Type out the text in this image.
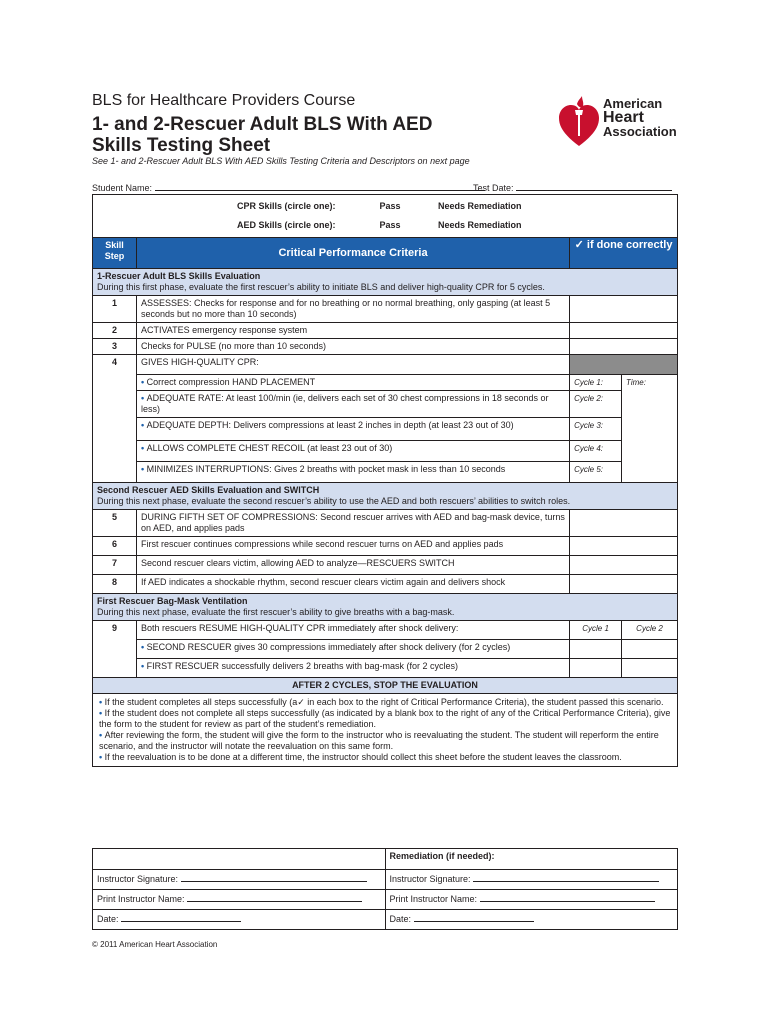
BLS for Healthcare Providers Course
1- and 2-Rescuer Adult BLS With AED
Skills Testing Sheet
See 1- and 2-Rescuer Adult BLS With AED Skills Testing Criteria and Descriptors on next page
American
Heart
Association
Student Name:	Test Date:
CPR Skills (circle one): Pass Needs Remediation			
AED Skills (circle one): Pass Needs Remediation			
Skill Step	Critical Performance Criteria	✓ if done correctly	
1-Rescuer Adult BLS Skills Evaluation
During this first phase, evaluate the first rescuer’s ability to initiate BLS and deliver high-quality CPR for 5 cycles.			
1	ASSESSES: Checks for response and for no breathing or no normal breathing, only gasping (at least 5 seconds but no more than 10 seconds)		
2	ACTIVATES emergency response system		
3	Checks for PULSE (no more than 10 seconds)		
4	GIVES HIGH-QUALITY CPR:		
	• Correct compression HAND PLACEMENT	Cycle 1:	Time:
	• ADEQUATE RATE: At least 100/min (ie, delivers each set of 30 chest compressions in 18 seconds or less)	Cycle 2:	
	• ADEQUATE DEPTH: Delivers compressions at least 2 inches in depth (at least 23 out of 30)	Cycle 3:	
	• ALLOWS COMPLETE CHEST RECOIL (at least 23 out of 30)	Cycle 4:	
	• MINIMIZES INTERRUPTIONS: Gives 2 breaths with pocket mask in less than 10 seconds	Cycle 5:	
Second Rescuer AED Skills Evaluation and SWITCH
During this next phase, evaluate the second rescuer’s ability to use the AED and both rescuers’ abilities to switch roles.			
5	DURING FIFTH SET OF COMPRESSIONS: Second rescuer arrives with AED and bag-mask device, turns on AED, and applies pads		
6	First rescuer continues compressions while second rescuer turns on AED and applies pads		
7	Second rescuer clears victim, allowing AED to analyze—RESCUERS SWITCH		
8	If AED indicates a shockable rhythm, second rescuer clears victim again and delivers shock		
First Rescuer Bag-Mask Ventilation
During this next phase, evaluate the first rescuer’s ability to give breaths with a bag-mask.			
9	Both rescuers RESUME HIGH-QUALITY CPR immediately after shock delivery:	Cycle 1	Cycle 2
	• SECOND RESCUER gives 30 compressions immediately after shock delivery (for 2 cycles)		
	• FIRST RESCUER successfully delivers 2 breaths with bag-mask (for 2 cycles)		
AFTER 2 CYCLES, STOP THE EVALUATION			

• If the student completes all steps successfully (a✓ in each box to the right of Critical Performance Criteria), the student passed this scenario.
• If the student does not complete all steps successfully (as indicated by a blank box to the right of any of the Critical Performance Criteria), give the form to the student for review as part of the student’s remediation.
• After reviewing the form, the student will give the form to the instructor who is reevaluating the student. The student will reperform the entire scenario, and the instructor will notate the reevaluation on this same form.
• If the reevaluation is to be done at a different time, the instructor should collect this sheet before the student leaves the classroom.
	Remediation (if needed):
Instructor Signature:	Instructor Signature:
Print Instructor Name:	Print Instructor Name:
Date:	Date:
© 2011 American Heart Association
